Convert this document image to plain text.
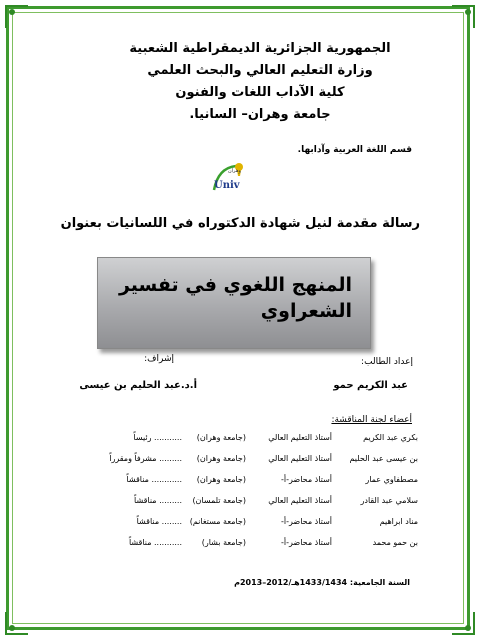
الجمهورية الجزائرية الديمقراطية الشعبية
وزارة التعليم العالي والبحث العلمي
كلية الآداب اللغات والفنون
جامعة وهران– السانيا.
قسم اللغة العربية وآدابها.
وهران
Univ
رسالة مقدمة لنيل شهادة الدكتوراه في اللسانيات بعنوان
المنهج اللغوي في تفسير
الشعراوي
إعداد الطالب:
إشراف:
عبد الكريم حمو
أ.د.عبد الحليم بن عيسى
أعضاء لجنة المناقشة:
بكري عبد الكريم
أستاذ التعليم العالي
(جامعة وهران)
........... رئيساً
بن عيسى عبد الحليم
أستاذ التعليم العالي
(جامعة وهران)
......... مشرفاً ومقرراً
مصطفاوي عمار
أستاذ محاضر-أ-
(جامعة وهران)
............ مناقشاً
سلامي عبد القادر
أستاذ التعليم العالي
(جامعة تلمسان)
......... مناقشاً
مناد ابراهيم
أستاذ محاضر-أ-
(جامعة مستغانم)
........ مناقشاً
بن حمو محمد
أستاذ محاضر-أ-
(جامعة بشار)
........... مناقشاً
السنة الجامعية: 1433/1434هـ/2012–2013م
